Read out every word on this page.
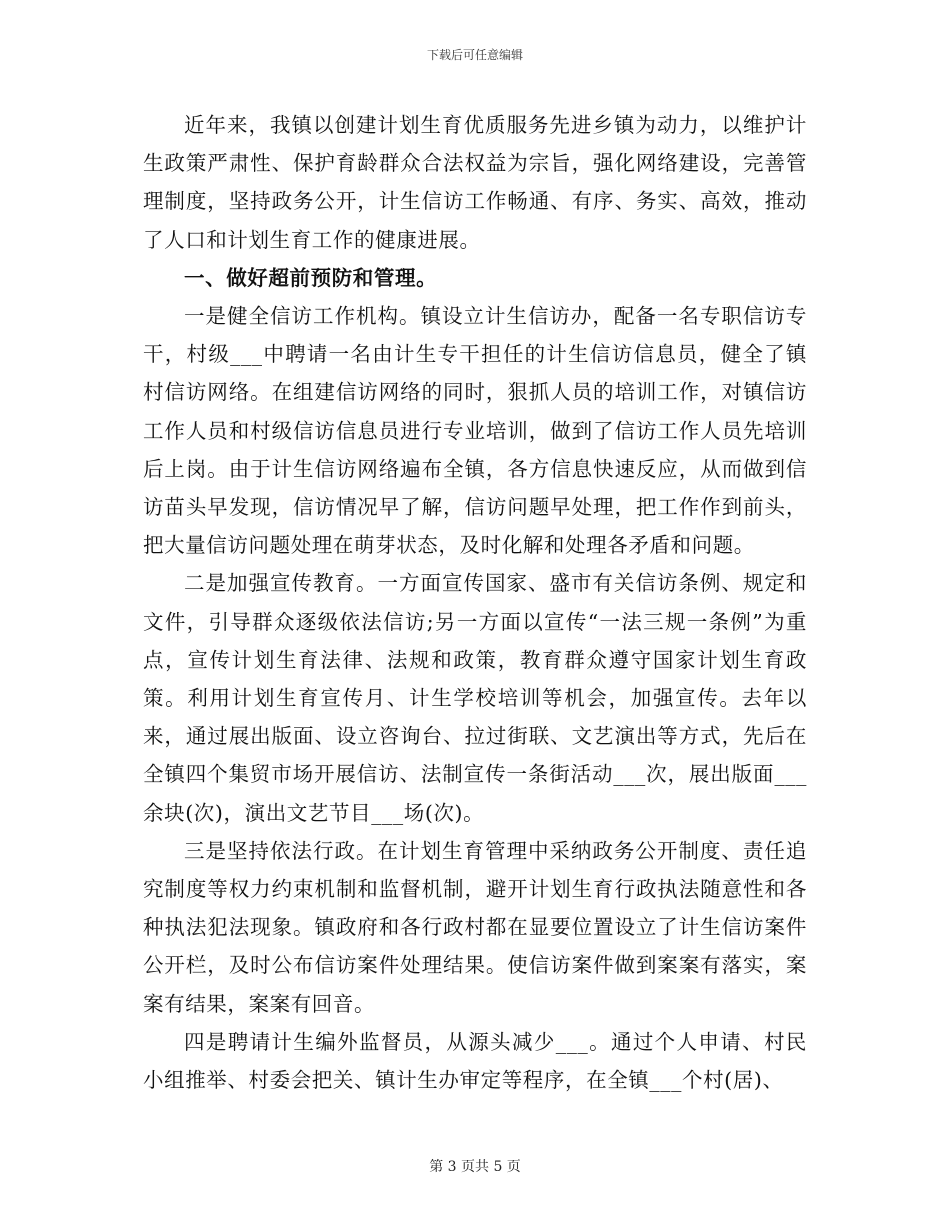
下载后可任意编辑

近年来，我镇以创建计划生育优质服务先进乡镇为动力，以维护计生政策严肃性、保护育龄群众合法权益为宗旨，强化网络建设，完善管理制度，坚持政务公开，计生信访工作畅通、有序、务实、高效，推动了人口和计划生育工作的健康进展。

一、做好超前预防和管理。

一是健全信访工作机构。镇设立计生信访办，配备一名专职信访专干，村级___中聘请一名由计生专干担任的计生信访信息员，健全了镇村信访网络。在组建信访网络的同时，狠抓人员的培训工作，对镇信访工作人员和村级信访信息员进行专业培训，做到了信访工作人员先培训后上岗。由于计生信访网络遍布全镇，各方信息快速反应，从而做到信访苗头早发现，信访情况早了解，信访问题早处理，把工作作到前头，把大量信访问题处理在萌芽状态，及时化解和处理各矛盾和问题。

二是加强宣传教育。一方面宣传国家、盛市有关信访条例、规定和文件，引导群众逐级依法信访;另一方面以宣传“一法三规一条例”为重点，宣传计划生育法律、法规和政策，教育群众遵守国家计划生育政策。利用计划生育宣传月、计生学校培训等机会，加强宣传。去年以来，通过展出版面、设立咨询台、拉过街联、文艺演出等方式，先后在全镇四个集贸市场开展信访、法制宣传一条街活动___次，展出版面___余块(次)，演出文艺节目___场(次)。

三是坚持依法行政。在计划生育管理中采纳政务公开制度、责任追究制度等权力约束机制和监督机制，避开计划生育行政执法随意性和各种执法犯法现象。镇政府和各行政村都在显要位置设立了计生信访案件公开栏，及时公布信访案件处理结果。使信访案件做到案案有落实，案案有结果，案案有回音。

四是聘请计生编外监督员，从源头减少___。通过个人申请、村民小组推举、村委会把关、镇计生办审定等程序，在全镇___个村(居)、

第 3 页共 5 页
